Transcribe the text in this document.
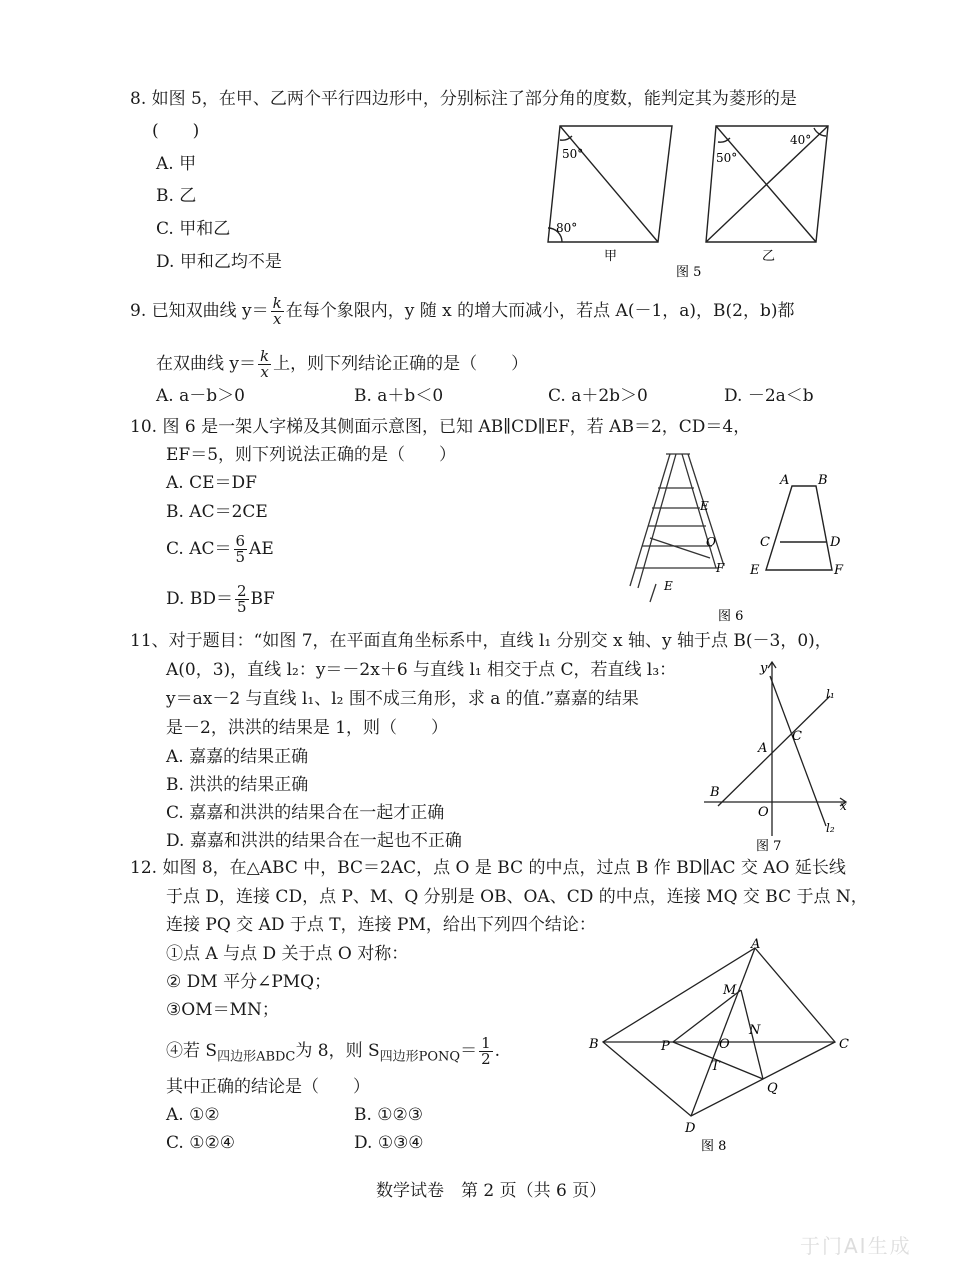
8. 如图 5，在甲、乙两个平行四边形中，分别标注了部分角的度数，能判定其为菱形的是
(　　)
A. 甲
B. 乙
C. 甲和乙
D. 甲和乙均不是
50°
80°
甲
50°
40°
乙
图 5
9. 已知双曲线 $y= \frac{k}{x}$ 在每个象限内，y 随 x 的增大而减小，若点 A(－1，a)，B(2，b)都
在双曲线 $y= \frac{k}{x}$ 上，则下列结论正确的是（　　）
A. a－b＞0	B. a＋b＜0	C. a＋2b＞0	D. －2a＜b
10. 图 6 是一架人字梯及其侧面示意图，已知 AB∥CD∥EF，若 AB＝2，CD＝4，
EF＝5，则下列说法正确的是（　　）
A. CE＝DF
B. AC＝2CE
C. $AC= \frac{6}{5}$ AE
D. $BD= \frac{2}{5}$ BF
E
O
F
E
A B
C	D
E	F
图 6
11、对于题目：“如图 7，在平面直角坐标系中，直线 l₁ 分别交 x 轴、y 轴于点 B(－3，0)，
A(0，3)，直线 l₂：y＝－2x＋6 与直线 l₁ 相交于点 C，若直线 l₃：
y＝ax－2 与直线 l₁、l₂ 围不成三角形，求 a 的值.”嘉嘉的结果
是－2，洪洪的结果是 1，则（　　）
A. 嘉嘉的结果正确
B. 洪洪的结果正确
C. 嘉嘉和洪洪的结果合在一起才正确
D. 嘉嘉和洪洪的结果合在一起也不正确
y
x
l₁
l₂
A
C
B
O
图 7
12. 如图 8，在△ABC 中，BC＝2AC，点 O 是 BC 的中点，过点 B 作 BD∥AC 交 AO 延长线
于点 D，连接 CD，点 P、M、Q 分别是 OB、OA、CD 的中点，连接 MQ 交 BC 于点 N，
连接 PQ 交 AD 于点 T，连接 PM，给出下列四个结论：
①点 A 与点 D 关于点 O 对称：
② DM 平分∠PMQ；
③OM＝MN；
④若 $S_{四边形ABDC}$为 8，则 $S_{四边形PONQ}= \frac{1}{2}$ .
其中正确的结论是（　　）
A. ①②	B. ①②③
C. ①②④	D. ①③④
A
B	C
D
M
N
O
P
Q
T
图 8
数学试卷　第 2 页（共 6 页）
于门AI生成
